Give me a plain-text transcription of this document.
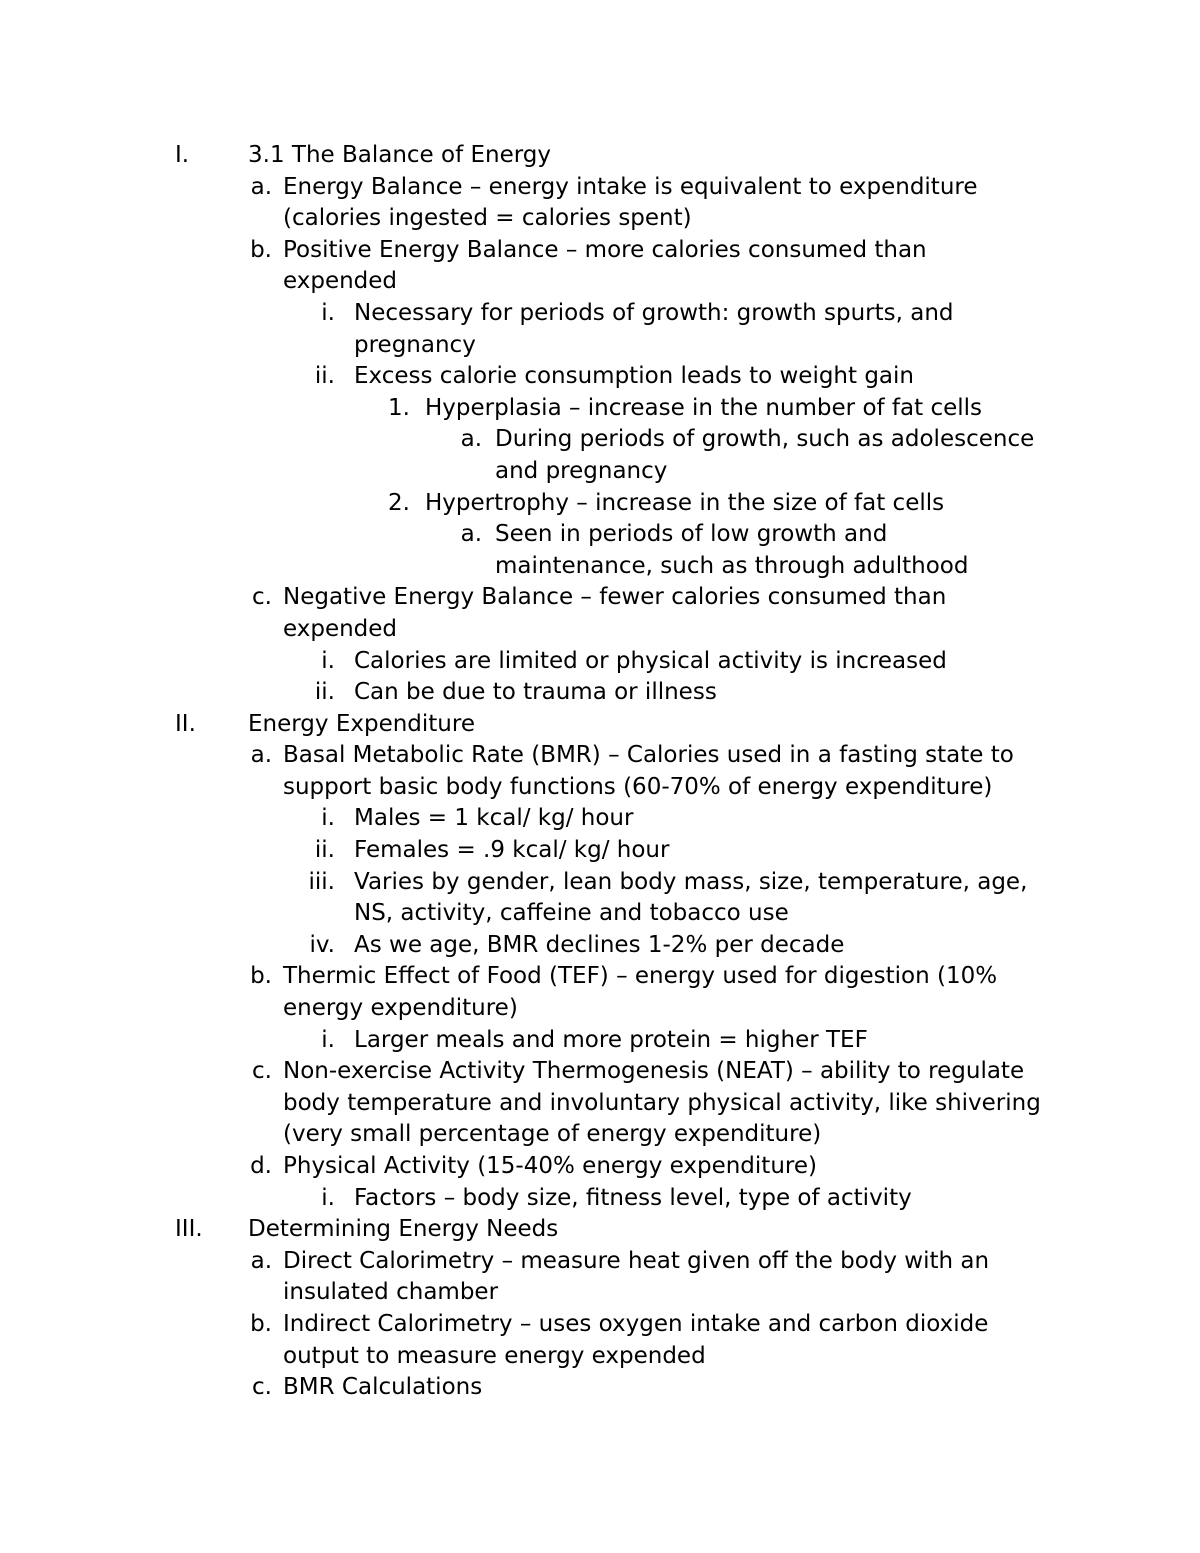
I.	3.1 The Balance of Energy
a. Energy Balance – energy intake is equivalent to expenditure
(calories ingested = calories spent)
b. Positive Energy Balance – more calories consumed than
expended
i. Necessary for periods of growth: growth spurts, and
pregnancy
ii. Excess calorie consumption leads to weight gain
1. Hyperplasia – increase in the number of fat cells
a. During periods of growth, such as adolescence
and pregnancy
2. Hypertrophy – increase in the size of fat cells
a. Seen in periods of low growth and
maintenance, such as through adulthood
c. Negative Energy Balance – fewer calories consumed than
expended
i. Calories are limited or physical activity is increased
ii. Can be due to trauma or illness
II. Energy Expenditure
a. Basal Metabolic Rate (BMR) – Calories used in a fasting state to
support basic body functions (60-70% of energy expenditure)
i. Males = 1 kcal/ kg/ hour
ii. Females = .9 kcal/ kg/ hour
iii. Varies by gender, lean body mass, size, temperature, age,
NS, activity, caffeine and tobacco use
iv. As we age, BMR declines 1-2% per decade
b. Thermic Effect of Food (TEF) – energy used for digestion (10%
energy expenditure)
i. Larger meals and more protein = higher TEF
c. Non-exercise Activity Thermogenesis (NEAT) – ability to regulate
body temperature and involuntary physical activity, like shivering
(very small percentage of energy expenditure)
d. Physical Activity (15-40% energy expenditure)
i. Factors – body size, fitness level, type of activity
III. Determining Energy Needs
a. Direct Calorimetry – measure heat given off the body with an
insulated chamber
b. Indirect Calorimetry – uses oxygen intake and carbon dioxide
output to measure energy expended
c. BMR Calculations
